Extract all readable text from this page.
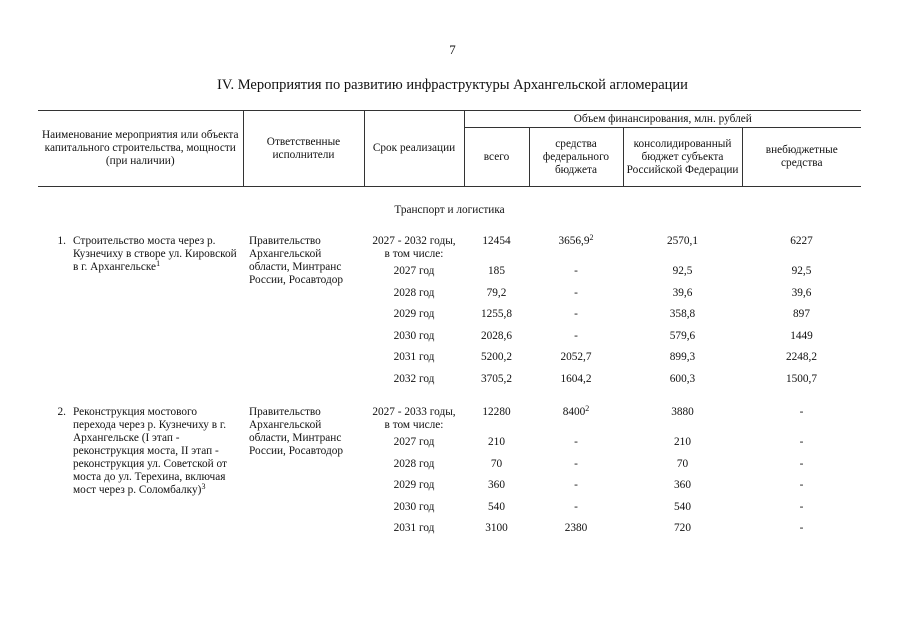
7
IV. Мероприятия по развитию инфраструктуры Архангельской агломерации
Наименование мероприятия или объекта капитального строительства, мощности (при наличии)		Ответственные исполнители	Срок реализации	Объем финансирования, млн. рублей			
				всего	средства федерального бюджета	консолидированный бюджет субъекта Российской Федерации	внебюджетные средства
Транспорт и логистика							
1.	Строительство моста через р. Кузнечиху в створе ул. Кировской в г. Архангельске$^1$	Правительство Архангельской области, Минтранс России, Росавтодор	2027 - 2032 годы,
в том числе:	12454	3656,9$^2$	2570,1	6227
			2027 год	185	-	92,5	92,5
			2028 год	79,2	-	39,6	39,6
			2029 год	1255,8	-	358,8	897
			2030 год	2028,6	-	579,6	1449
			2031 год	5200,2	2052,7	899,3	2248,2
			2032 год	3705,2	1604,2	600,3	1500,7

2.	Реконструкция мостового перехода через р. Кузнечиху в г. Архангельске (I этап - реконструкция моста, II этап - реконструкция ул. Советской от моста до ул. Терехина, включая мост через р. Соломбалку)$^3$	Правительство Архангельской области, Минтранс России, Росавтодор	2027 - 2033 годы,
в том числе:	12280	8400$^2$	3880	-
			2027 год	210	-	210	-
			2028 год	70	-	70	-
			2029 год	360	-	360	-
			2030 год	540	-	540	-
			2031 год	3100	2380	720	-
